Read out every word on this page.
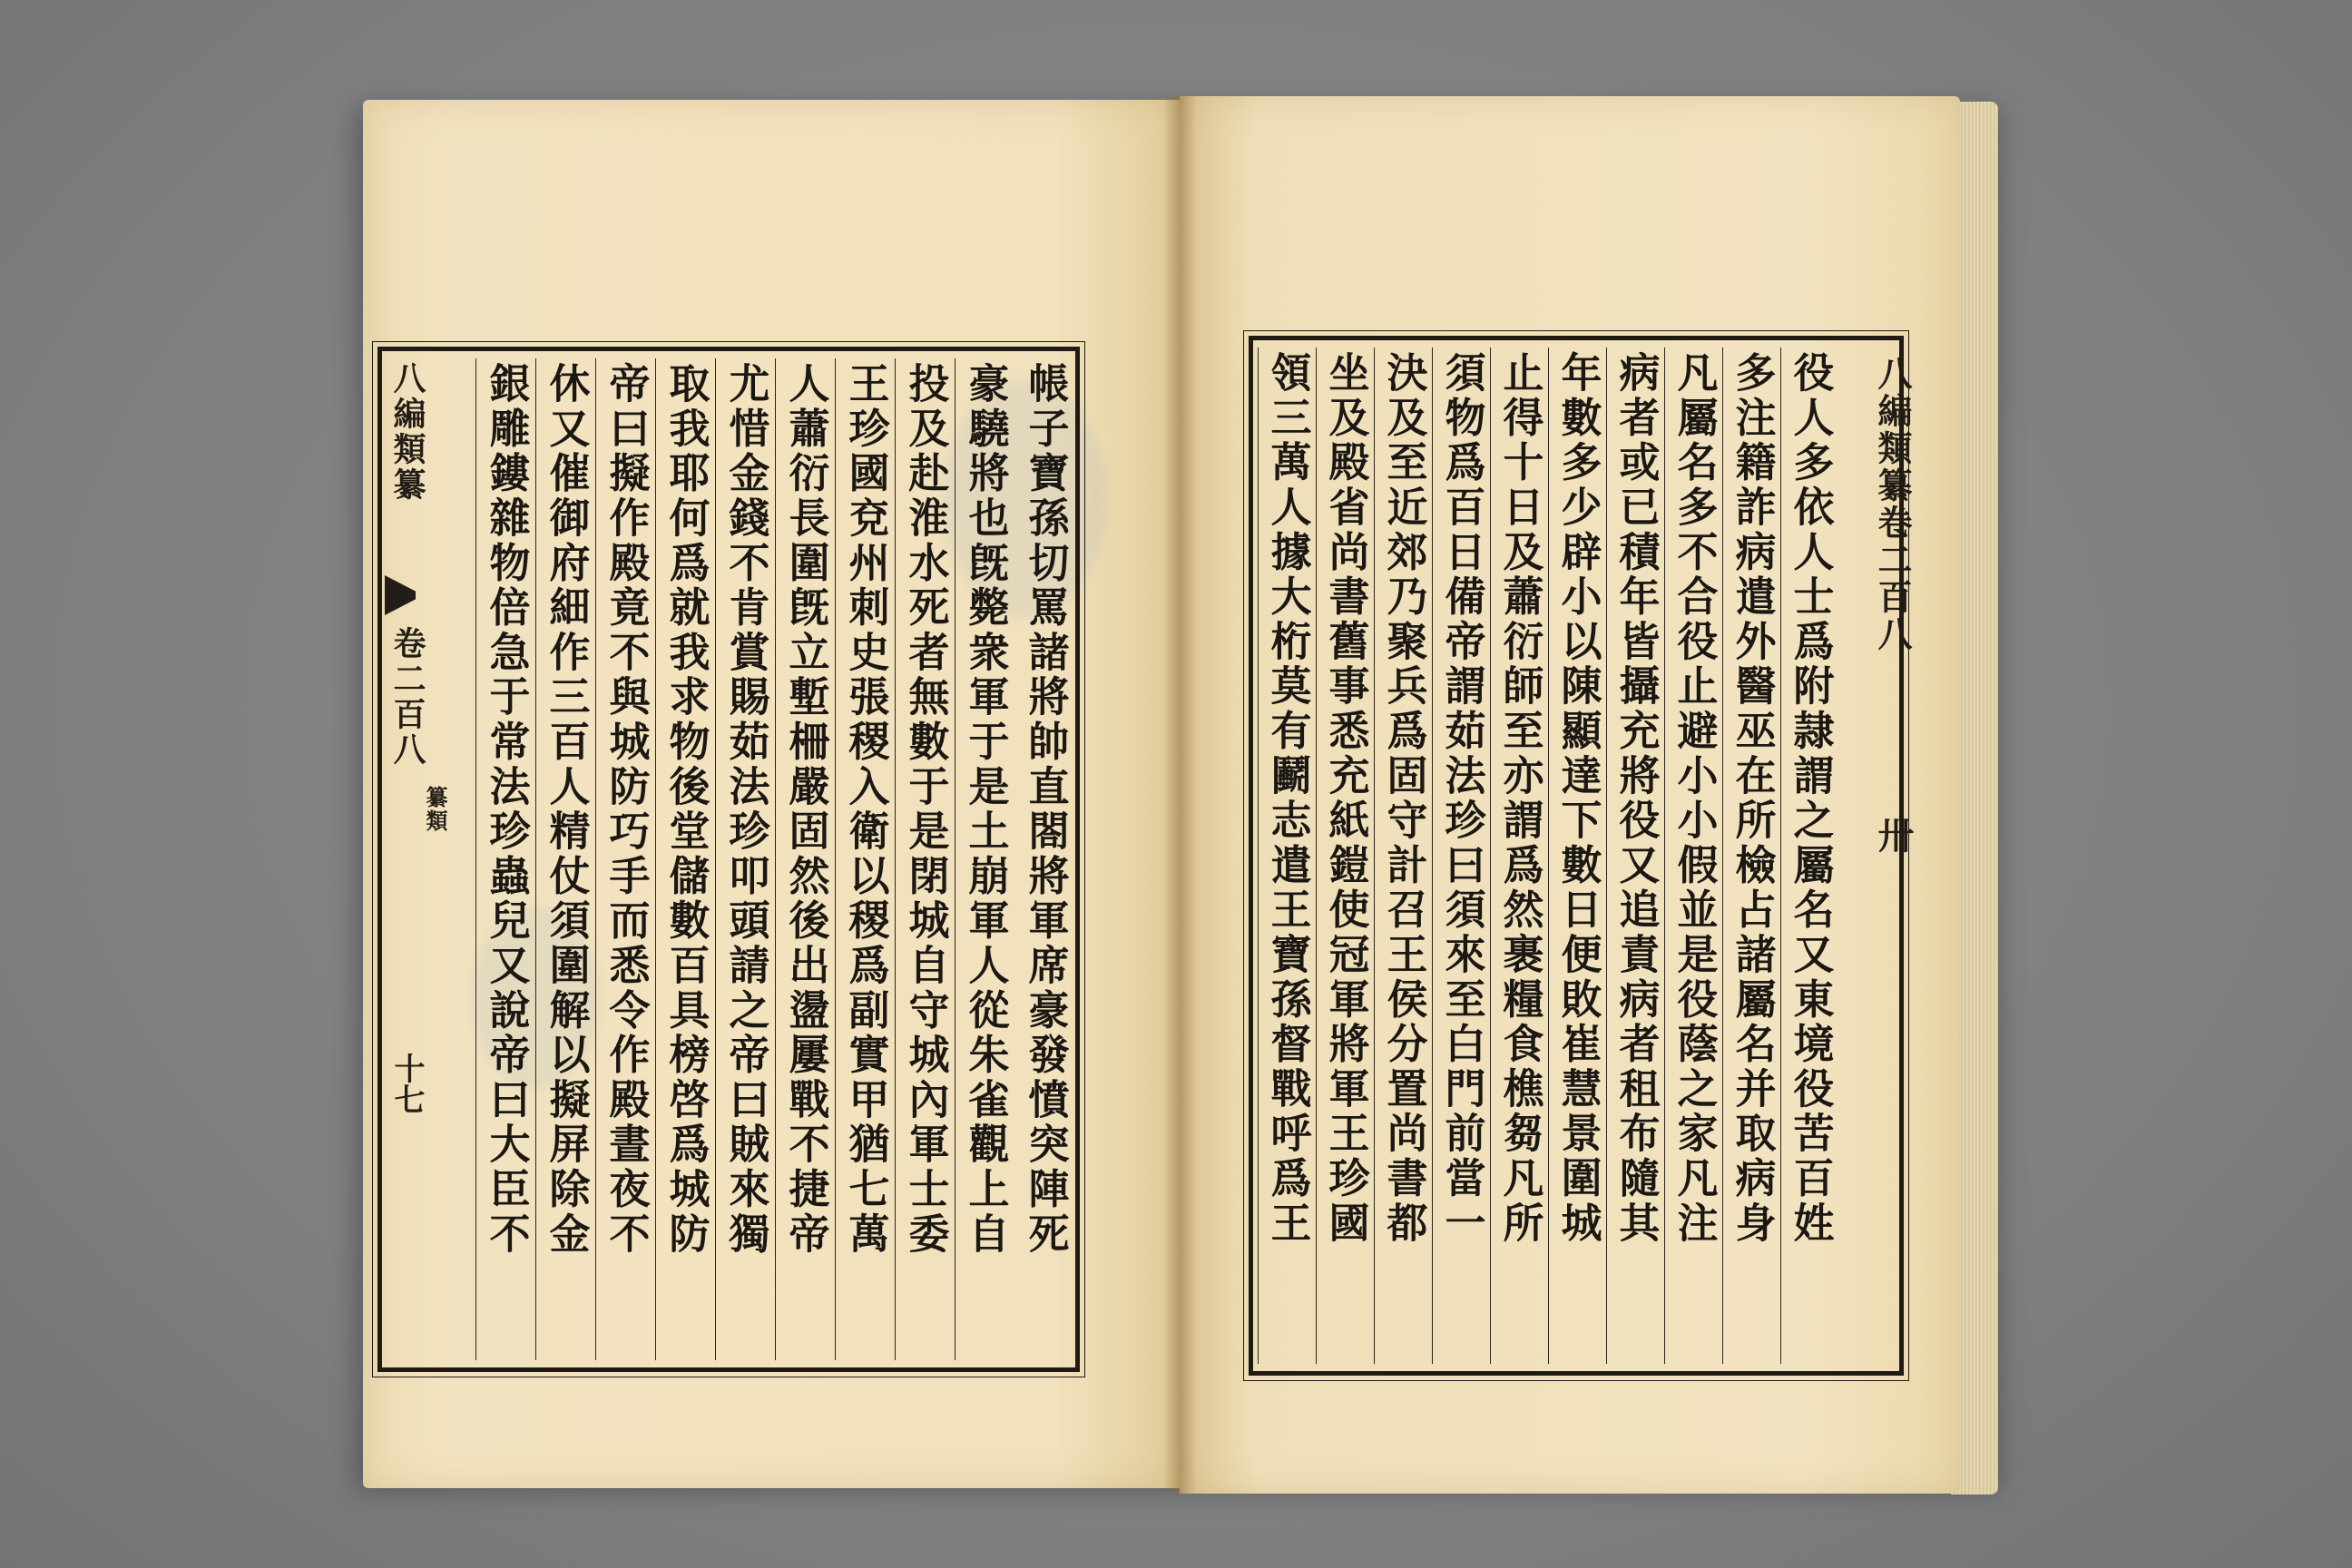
八編類纂
卷二百八
纂類
十七	帳子寶孫切罵諸將帥直閤將軍席豪發憤突陣死
豪驍將也旣斃衆軍于是土崩軍人從朱雀觀上自
投及赴淮水死者無數于是閉城自守城內軍士委
王珍國兗州刺史張稷入衛以稷爲副實甲猶七萬
人蕭衍長圍旣立塹柵嚴固然後出盪屢戰不捷帝
尤惜金錢不肯賞賜茹法珍叩頭請之帝曰賊來獨
取我耶何爲就我求物後堂儲數百具榜啓爲城防
帝曰擬作殿竟不與城防巧手而悉令作殿晝夜不
休又催御府細作三百人精仗須圍解以擬屏除金
銀雕鏤雜物倍急于常法珍蟲兒又說帝曰大臣不	八編類纂卷二百八
卅
役人多依人士爲附隷謂之屬名又東境役苦百姓
多注籍詐病遣外醫巫在所檢占諸屬名并取病身
凡屬名多不合役止避小小假並是役蔭之家凡注
病者或已積年皆攝充將役又追責病者租布隨其
年數多少辟小以陳顯達下數日便敗崔慧景圍城
止得十日及蕭衍師至亦謂爲然裹糧食樵芻凡所
須物爲百日備帝謂茹法珍曰須來至白門前當一
決及至近郊乃聚兵爲固守計召王侯分置尚書都
坐及殿省尚書舊事悉充紙鎧使冠軍將軍王珍國
領三萬人據大桁莫有鬬志遣王寶孫督戰呼爲王
